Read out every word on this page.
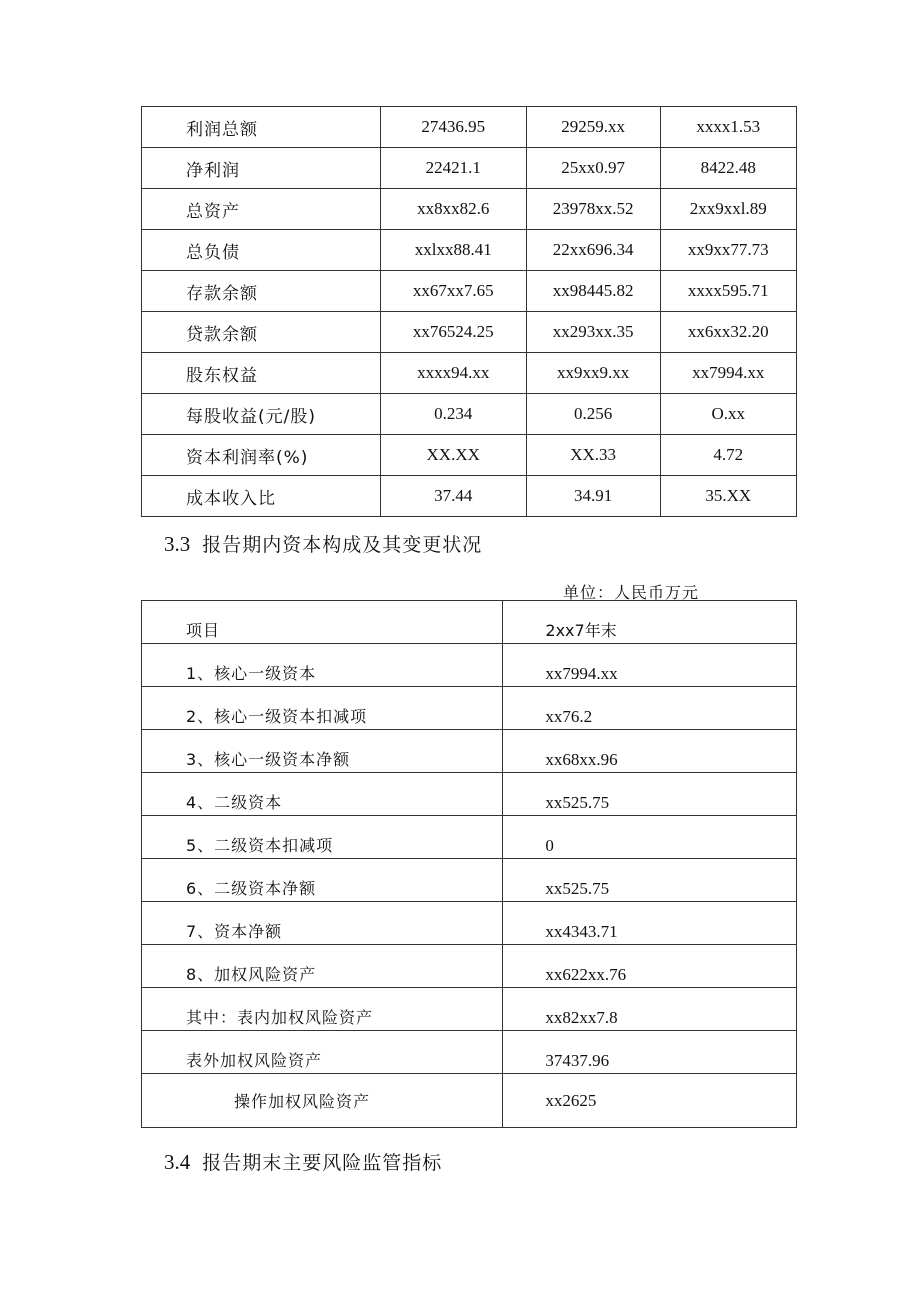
利润总额	27436.95	29259.xx	xxxx1.53
净利润	22421.1	25xx0.97	8422.48
总资产	xx8xx82.6	23978xx.52	2xx9xxl.89
总负债	xxlxx88.41	22xx696.34	xx9xx77.73
存款余额	xx67xx7.65	xx98445.82	xxxx595.71
贷款余额	xx76524.25	xx293xx.35	xx6xx32.20
股东权益	xxxx94.xx	xx9xx9.xx	xx7994.xx
每股收益(元/股)	0.234	0.256	O.xx
资本利润率(%)	XX.XX	XX.33	4.72
成本收入比	37.44	34.91	35.XX
3.3 报告期内资本构成及其变更状况
单位：人民币万元
项目	2xx7年末
1、核心一级资本	xx7994.xx
2、核心一级资本扣减项	xx76.2
3、核心一级资本净额	xx68xx.96
4、二级资本	xx525.75
5、二级资本扣减项	0
6、二级资本净额	xx525.75
7、资本净额	xx4343.71
8、加权风险资产	xx622xx.76
其中：表内加权风险资产	xx82xx7.8
表外加权风险资产	37437.96
操作加权风险资产	xx2625
3.4 报告期末主要风险监管指标
